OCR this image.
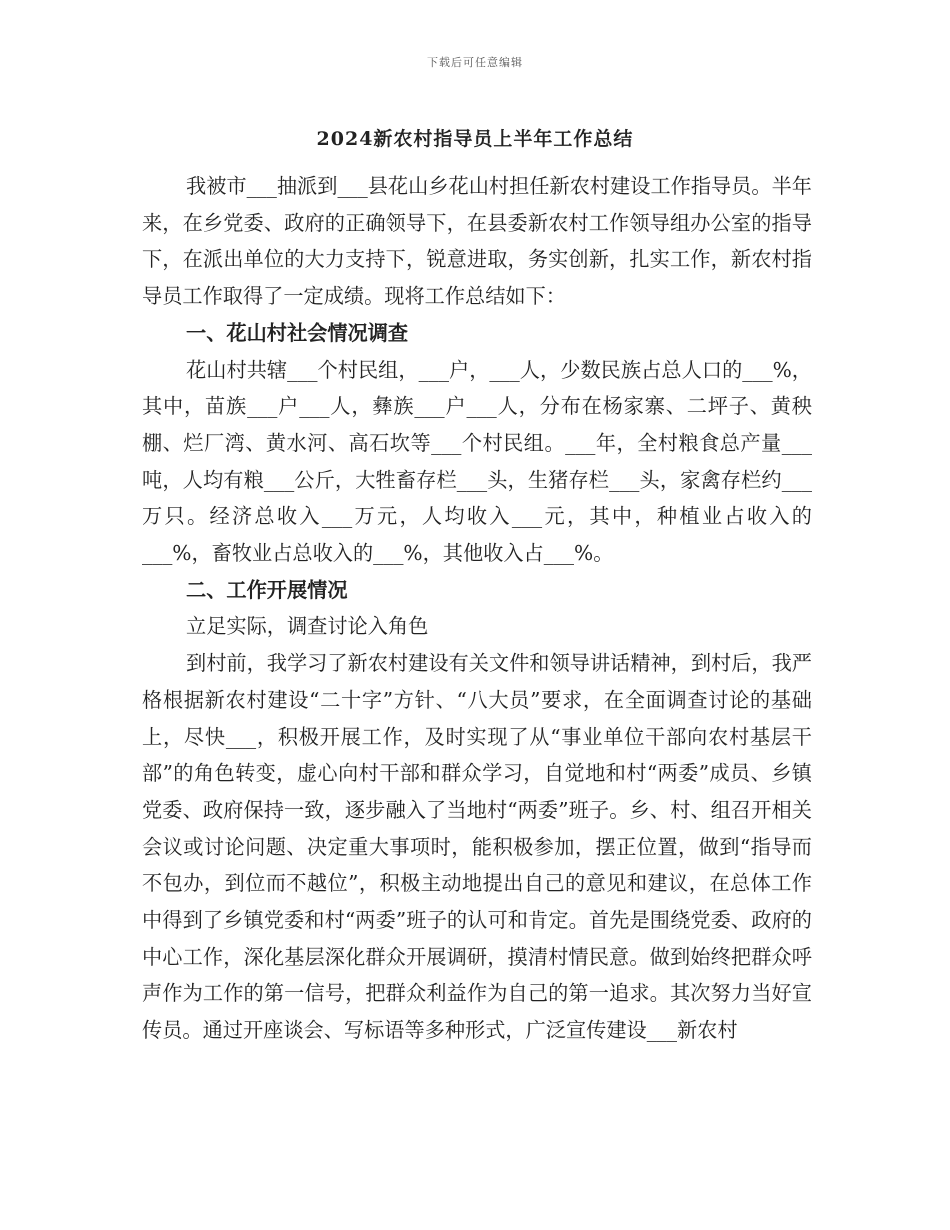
下载后可任意编辑
2024新农村指导员上半年工作总结

我被市___抽派到___县花山乡花山村担任新农村建设工作指导员。半年来，在乡党委、政府的正确领导下，在县委新农村工作领导组办公室的指导下，在派出单位的大力支持下，锐意进取，务实创新，扎实工作，新农村指导员工作取得了一定成绩。现将工作总结如下：

一、花山村社会情况调查

花山村共辖___个村民组，___户，___人，少数民族占总人口的___%，其中，苗族___户___人，彝族___户___人，分布在杨家寨、二坪子、黄秧棚、烂厂湾、黄水河、高石坎等___个村民组。___年，全村粮食总产量___吨，人均有粮___公斤，大牲畜存栏___头，生猪存栏___头，家禽存栏约___万只。经济总收入___万元，人均收入___元，其中，种植业占收入的___%，畜牧业占总收入的___%，其他收入占___%。

二、工作开展情况

立足实际，调查讨论入角色

到村前，我学习了新农村建设有关文件和领导讲话精神，到村后，我严格根据新农村建设“二十字”方针、“八大员”要求，在全面调查讨论的基础上，尽快___，积极开展工作，及时实现了从“事业单位干部向农村基层干部”的角色转变，虚心向村干部和群众学习，自觉地和村“两委”成员、乡镇党委、政府保持一致，逐步融入了当地村“两委”班子。乡、村、组召开相关会议或讨论问题、决定重大事项时，能积极参加，摆正位置，做到“指导而不包办，到位而不越位”，积极主动地提出自己的意见和建议，在总体工作中得到了乡镇党委和村“两委”班子的认可和肯定。首先是围绕党委、政府的中心工作，深化基层深化群众开展调研，摸清村情民意。做到始终把群众呼声作为工作的第一信号，把群众利益作为自己的第一追求。其次努力当好宣传员。通过开座谈会、写标语等多种形式，广泛宣传建设___新农村
